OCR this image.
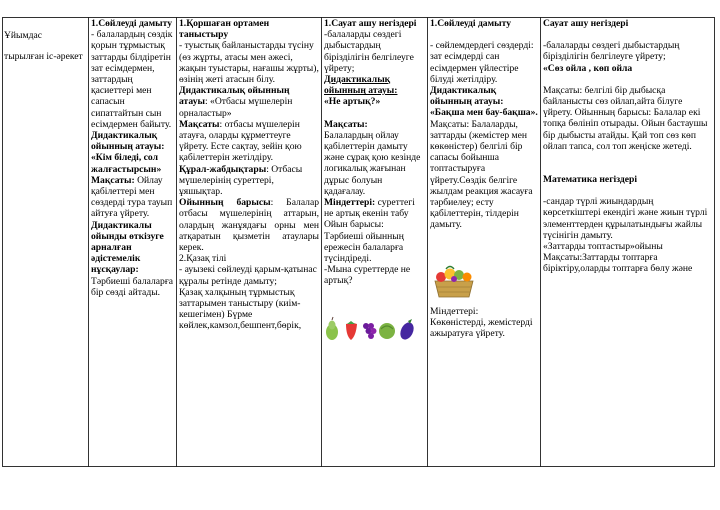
Ұйымдас

тырылған іс-әрекет

1.Сөйлеуді дамыту

- балалардың сөздік қорын тұрмыстық заттарды білдіретін зат есімдермен, заттардың қасиеттері мен сапасын сипаттайтын сын есімдермен байыту.

Дидактикалық ойынның атауы: «Кім біледі, сол жалғастырсын»

Мақсаты: Ойлау қабілеттері мен сөздерді тура тауып айтуға үйрету.

Дидактикалы ойынды өткізуге арналған әдістемелік нұсқаулар:

Тәрбиеші балаларға бір сөзді айтады.

1.Қоршаған ортамен таныстыру

- туыстық байланыстарды түсіну (өз жұрты, атасы мен әжесі, жақын туыстары, нағашы жұрты), өзінің жеті атасын білу.

Дидактикалық ойынның атауы: «Отбасы мүшелерін орналастыр»

Мақсаты: отбасы мүшелерін атауға, оларды құрметтеуге үйрету. Есте сақтау, зейін қою қабілеттерін жетілдіру.

Құрал-жабдықтары: Отбасы мүшелерінің суреттері, ұяшықтар.

Ойынның барысы: Балалар отбасы мүшелерінің аттарын, олардың жанұядағы орны мен атқаратын қызметін атаулары керек.

2.Қазақ тілі

- ауызекі сөйлеуді қарым-қатынас құралы ретінде дамыту;

Қазақ халқының тұрмыстық заттарымен таныстыру (киім-кешегімен) Бүрме көйлек,камзол,бешпент,бөрік,

1.Сауат ашу негіздері

-балаларды сөздегі дыбыстардың біріздiлігін белгілеуге үйрету;

Дидактикалық ойынның атауы:

«Не артық?»

Мақсаты:

Балалардың ойлау қабілеттерін дамыту және сұрақ қою кезінде логикалық жағынан дұрыс болуын қадағалау.

Міндеттері: суреттегі не артық екенін табу

Ойын барысы:

Тәрбиеші ойынның ережесін балаларға түсіндіреді.

-Мына суреттерде не артық?

1.Сөйлеуді дамыту

- сөйлемдердегі сөздерді: зат есімдерді сан есімдермен үйлестіре білуді жетілдіру.

Дидактикалық ойынның атауы:

«Бақша мен бау-бақша».

Мақсаты: Балаларды, заттарды (жемістер мен көкөністер) белгілі бір сапасы бойынша топтастыруға үйрету.Сөздік белгіге жылдам реакция жасауға тәрбиелеу; есту қабілеттерін, тілдерін дамыту.

Міндеттері:

Көкөністерді, жемістерді ажыратуға үйрету.

Сауат ашу негіздері

-балаларды сөздегі дыбыстардың біріздiлігін белгілеуге үйрету;

«Сөз ойла , көп ойла

Мақсаты: белгілі бір дыбысқа байланысты сөз ойлап,айта білуге үйрету. Ойынның барысы: Балалар екі топқа бөлініп отырады. Ойын бастаушы бір дыбысты атайды. Қай топ сөз көп ойлап тапса, сол топ жеңіске жетеді.

Математика негіздері

-сандар түрлі жиындардың көрсеткіштері екендігі және жиын түрлі элементтерден құрылатындығы жайлы түсінігін дамыту.

«Заттарды топтастыр»ойыны Мақсаты:Заттарды топтарға біріктіру,оларды топтарға бөлу және
